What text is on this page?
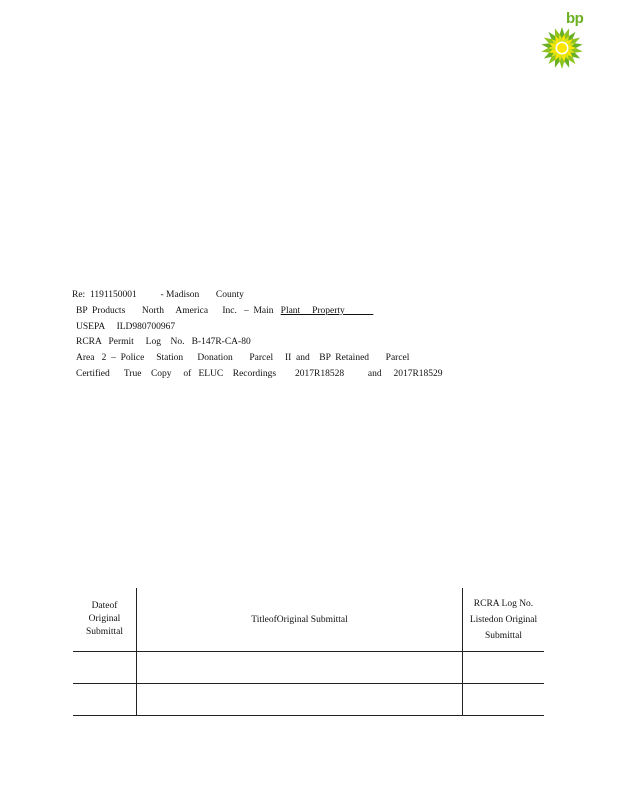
bp
Re:  1191150001          - Madison       County
BP  Products       North     America      Inc.   –  Main Plant     Property
USEPA     ILD980700967
RCRA   Permit     Log    No.   B-147R-CA-80
Area   2  –  Police     Station      Donation       Parcel     II  and    BP  Retained       Parcel
Certified      True    Copy     of   ELUC    Recordings        2017R18528          and     2017R18529
Dateof Original Submittal	TitleofOriginal Submittal	RCRA Log No. Listedon Original Submittal
